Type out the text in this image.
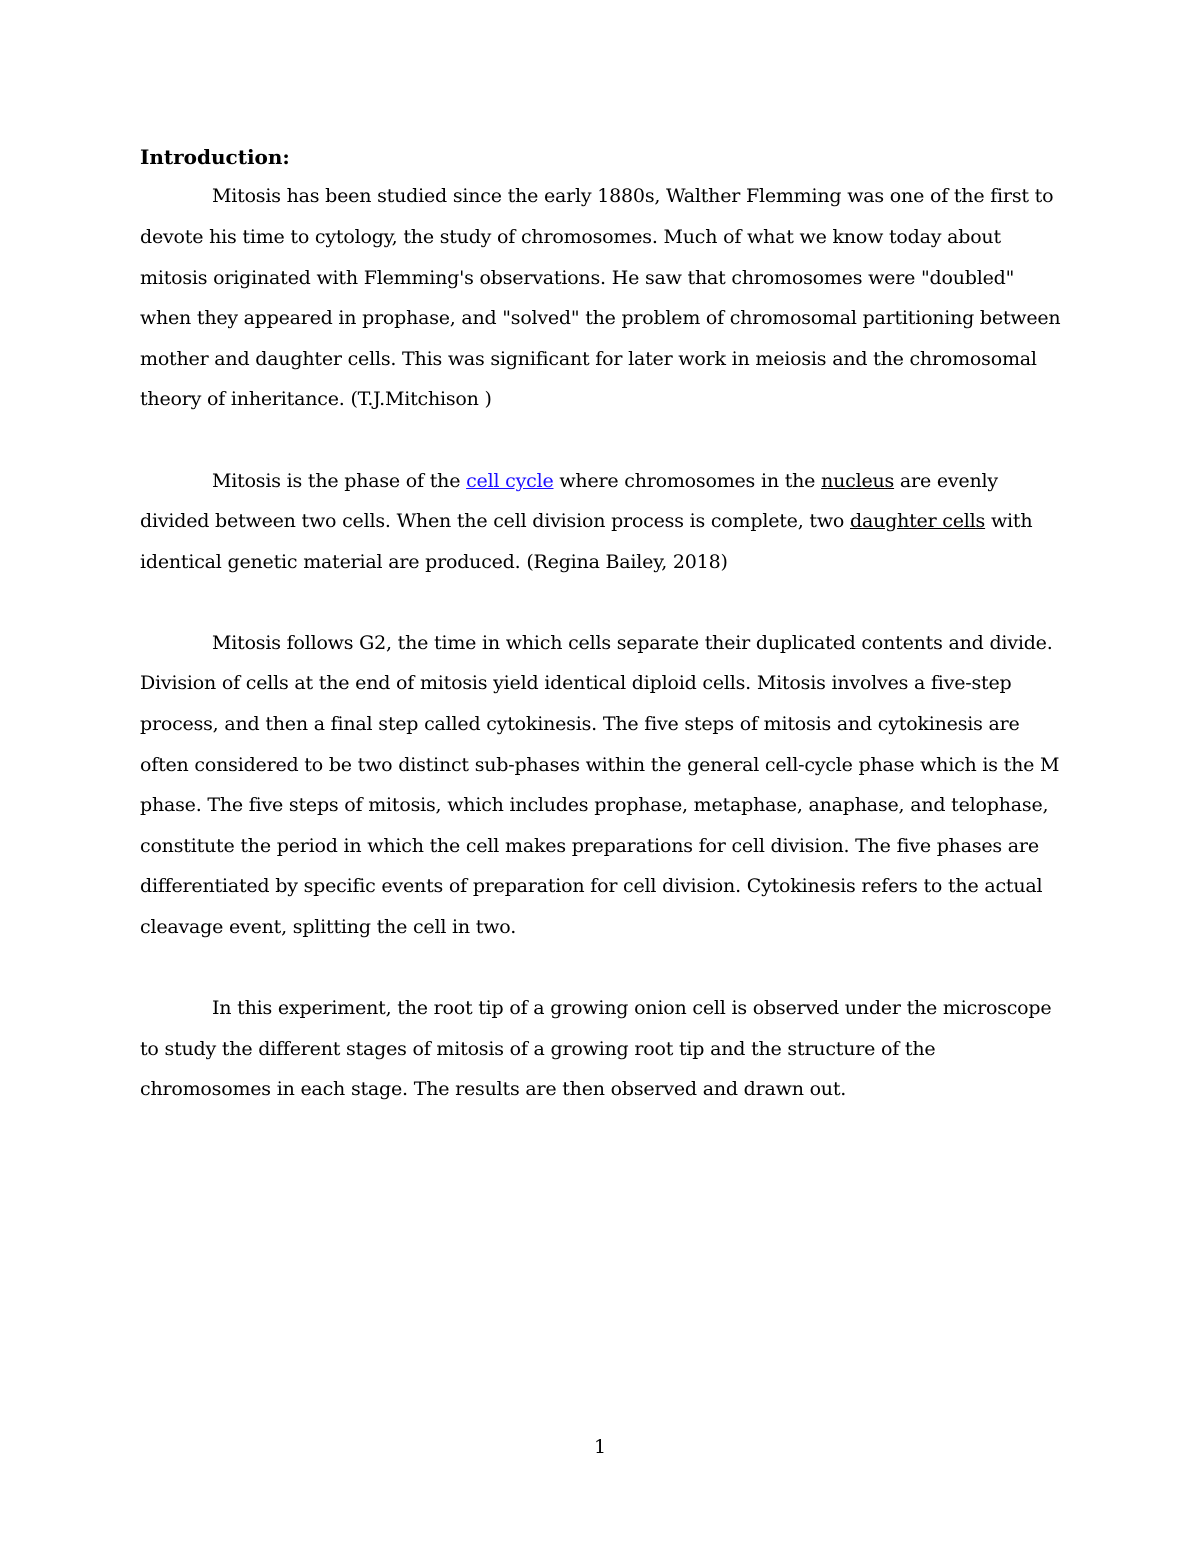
Introduction:
Mitosis has been studied since the early 1880s, Walther Flemming was one of the first to
devote his time to cytology, the study of chromosomes. Much of what we know today about
mitosis originated with Flemming's observations. He saw that chromosomes were "doubled"
when they appeared in prophase, and "solved" the problem of chromosomal partitioning between
mother and daughter cells. This was significant for later work in meiosis and the chromosomal
theory of inheritance. (T.J.Mitchison )
Mitosis is the phase of the cell cycle where chromosomes in the nucleus are evenly
divided between two cells. When the cell division process is complete, two daughter cells with
identical genetic material are produced. (Regina Bailey, 2018)
Mitosis follows G2, the time in which cells separate their duplicated contents and divide.
Division of cells at the end of mitosis yield identical diploid cells. Mitosis involves a five-step
process, and then a final step called cytokinesis. The five steps of mitosis and cytokinesis are
often considered to be two distinct sub-phases within the general cell-cycle phase which is the M
phase. The five steps of mitosis, which includes prophase, metaphase, anaphase, and telophase,
constitute the period in which the cell makes preparations for cell division. The five phases are
differentiated by specific events of preparation for cell division. Cytokinesis refers to the actual
cleavage event, splitting the cell in two.
In this experiment, the root tip of a growing onion cell is observed under the microscope
to study the different stages of mitosis of a growing root tip and the structure of the
chromosomes in each stage. The results are then observed and drawn out.
1
